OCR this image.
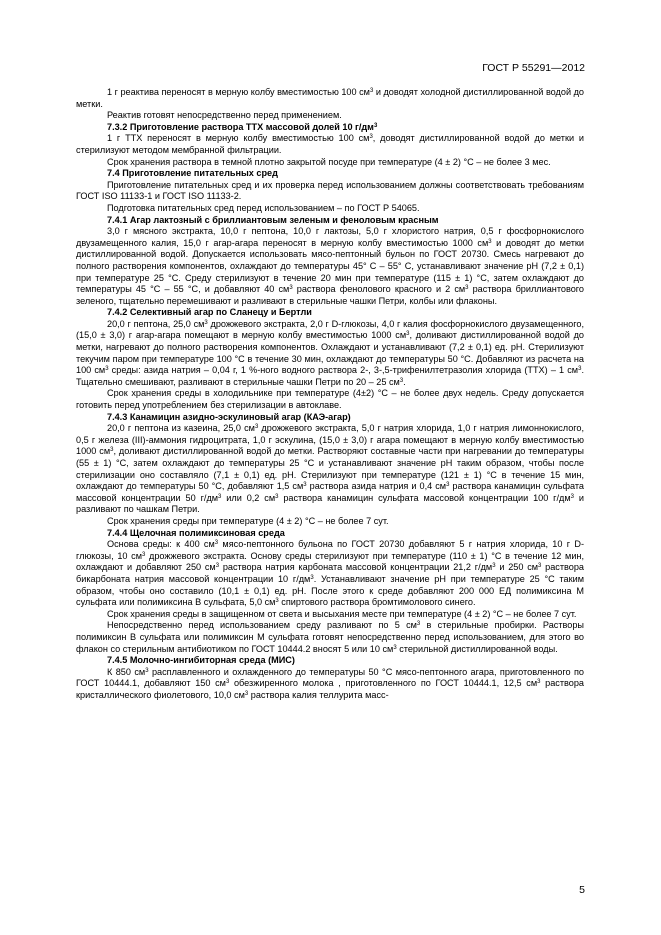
ГОСТ Р 55291—2012

1 г реактива переносят в мерную колбу вместимостью 100 $см^3$ и доводят холодной дистиллированной водой до метки.

Реактив готовят непосредственно перед применением.

7.3.2 Приготовление раствора ТТХ массовой долей 10 $г/дм^3$

1 г ТТХ переносят в мерную колбу вместимостью 100 $см^3$, доводят дистиллированной водой до метки и стерилизуют методом мембранной фильтрации.

Срок хранения раствора в темной плотно закрытой посуде при температуре (4 ± 2) °С – не более 3 мес.

7.4 Приготовление питательных сред

Приготовление питательных сред и их проверка перед использованием должны соответствовать требованиям ГОСТ ISO 11133-1 и ГОСТ ISO 11133-2.

Подготовка питательных сред перед использованием – по ГОСТ Р 54065.

7.4.1 Агар лактозный с бриллиантовым зеленым и феноловым красным

3,0 г мясного экстракта, 10,0 г пептона, 10,0 г лактозы, 5,0 г хлористого натрия, 0,5 г фосфорнокислого двузамещенного калия, 15,0 г агар-агара переносят в мерную колбу вместимостью 1000 $см^3$ и доводят до метки дистиллированной водой. Допускается использовать мясо-пептонный бульон по ГОСТ 20730. Смесь нагревают до полного растворения компонентов, охлаждают до температуры 45° С – 55° С, устанавливают значение рН (7,2 ± 0,1) при температуре 25 °С. Среду стерилизуют в течение 20 мин при температуре (115 ± 1) °С, затем охлаждают до температуры 45 °С – 55 °С, и добавляют 40 $см^3$ раствора фенолового красного и 2 $см^3$ раствора бриллиантового зеленого, тщательно перемешивают и разливают в стерильные чашки Петри, колбы или флаконы.

7.4.2 Селективный агар по Сланецу и Бертли

20,0 г пептона, 25,0 $см^3$ дрожжевого экстракта, 2,0 г D-глюкозы, 4,0 г калия фосфорнокислого двузамещенного, (15,0 ± 3,0) г агар-агара помещают в мерную колбу вместимостью 1000 $см^3$, доливают дистиллированной водой до метки, нагревают до полного растворения компонентов. Охлаждают и устанавливают (7,2 ± 0,1) ед. рН. Стерилизуют текучим паром при температуре 100 °С в течение 30 мин, охлаждают до температуры 50 °С. Добавляют из расчета на 100 $см^3$ среды: азида натрия – 0,04 г, 1 %-ного водного раствора 2-, 3-,5-трифенилтетразолия хлорида (ТТХ) – 1 $см^3$. Тщательно смешивают, разливают в стерильные чашки Петри по 20 – 25 $см^3$.

Срок хранения среды в холодильнике при температуре (4±2) °С – не более двух недель. Среду допускается готовить перед употреблением без стерилизации в автоклаве.

7.4.3 Канамицин азидно-эскулиновый агар (КАЭ-агар)

20,0 г пептона из казеина, 25,0 $см^3$ дрожжевого экстракта, 5,0 г натрия хлорида, 1,0 г натрия лимоннокислого, 0,5 г железа (III)-аммония гидроцитрата, 1,0 г эскулина, (15,0 ± 3,0) г агара помещают в мерную колбу вместимостью 1000 $см^3$, доливают дистиллированной водой до метки. Растворяют составные части при нагревании до температуры (55 ± 1) °С, затем охлаждают до температуры 25 °С и устанавливают значение рН таким образом, чтобы после стерилизации оно составляло (7,1 ± 0,1) ед. рН. Стерилизуют при температуре (121 ± 1) °С в течение 15 мин, охлаждают до температуры 50 °С, добавляют 1,5 $см^3$ раствора азида натрия и 0,4 $см^3$ раствора канамицин сульфата массовой концентрации 50 $г/дм^3$ или 0,2 $см^3$ раствора канамицин сульфата массовой концентрации 100 $г/дм^3$ и разливают по чашкам Петри.

Срок хранения среды при температуре (4 ± 2) °С – не более 7 сут.

7.4.4 Щелочная полимиксиновая среда

Основа среды: к 400 $см^3$ мясо-пептонного бульона по ГОСТ 20730 добавляют 5 г натрия хлорида, 10 г D-глюкозы, 10 $см^3$ дрожжевого экстракта. Основу среды стерилизуют при температуре (110 ± 1) °С в течение 12 мин, охлаждают и добавляют 250 $см^3$ раствора натрия карбоната массовой концентрации 21,2 $г/дм^3$ и 250 $см^3$ раствора бикарбоната натрия массовой концентрации 10 $г/дм^3$. Устанавливают значение рН при температуре 25 °С таким образом, чтобы оно составило (10,1 ± 0,1) ед. рН. После этого к среде добавляют 200 000 ЕД полимиксина М сульфата или полимиксина В сульфата, 5,0 $см^3$ спиртового раствора бромтимолового синего.

Срок хранения среды в защищенном от света и высыхания месте при температуре (4 ± 2) °С – не более 7 сут.

Непосредственно перед использованием среду разливают по 5 $см^3$ в стерильные пробирки. Растворы полимиксин В сульфата или полимиксин М сульфата готовят непосредственно перед использованием, для этого во флакон со стерильным антибиотиком по ГОСТ 10444.2 вносят 5 или 10 $см^3$ стерильной дистиллированной воды.

7.4.5 Молочно-ингибиторная среда (МИС)

К 850 $см^3$ расплавленного и охлажденного до температуры 50 °С мясо-пептонного агара, приготовленного по ГОСТ 10444.1, добавляют 150 $см^3$ обезжиренного молока , приготовленного по ГОСТ 10444.1, 12,5 $см^3$ раствора кристаллического фиолетового, 10,0 $см^3$ раствора калия теллурита масс-

5
